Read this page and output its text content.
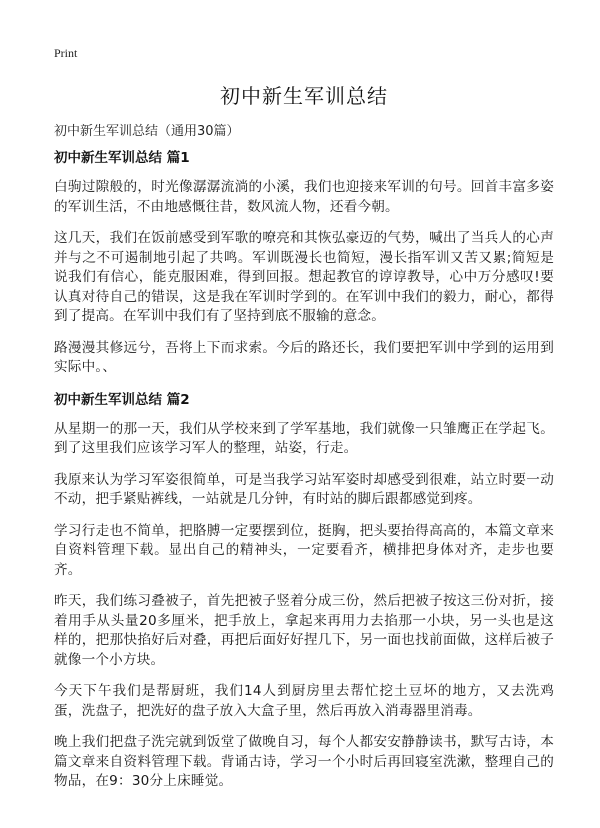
Print
初中新生军训总结
初中新生军训总结（通用30篇）
初中新生军训总结 篇1

白驹过隙般的，时光像潺潺流淌的小溪，我们也迎接来军训的句号。回首丰富多姿的军训生活，不由地感慨往昔，数风流人物，还看今朝。

这几天，我们在饭前感受到军歌的嘹亮和其恢弘豪迈的气势，喊出了当兵人的心声并与之不可遏制地引起了共鸣。军训既漫长也简短，漫长指军训又苦又累;简短是说我们有信心，能克服困难，得到回报。想起教官的谆谆教导，心中万分感叹!要认真对待自己的错误，这是我在军训时学到的。在军训中我们的毅力，耐心，都得到了提高。在军训中我们有了坚持到底不服输的意念。

路漫漫其修远兮，吾将上下而求索。今后的路还长，我们要把军训中学到的运用到实际中。、

初中新生军训总结 篇2

从星期一的那一天，我们从学校来到了学军基地，我们就像一只雏鹰正在学起飞。到了这里我们应该学习军人的整理，站姿，行走。

我原来认为学习军姿很简单，可是当我学习站军姿时却感受到很难，站立时要一动不动，把手紧贴裤线，一站就是几分钟，有时站的脚后跟都感觉到疼。

学习行走也不简单，把胳膊一定要摆到位，挺胸，把头要抬得高高的，本篇文章来自资料管理下载。显出自己的精神头，一定要看齐，横排把身体对齐，走步也要齐。

昨天，我们练习叠被子，首先把被子竖着分成三份，然后把被子按这三份对折，接着用手从头量20多厘米，把手放上，拿起来再用力去掐那一小块，另一头也是这样的，把那快掐好后对叠，再把后面好好捏几下，另一面也找前面做，这样后被子就像一个小方块。

今天下午我们是帮厨班，我们14人到厨房里去帮忙挖土豆坏的地方，又去洗鸡蛋，洗盘子，把洗好的盘子放入大盒子里，然后再放入消毒器里消毒。

晚上我们把盘子洗完就到饭堂了做晚自习，每个人都安安静静读书，默写古诗，本篇文章来自资料管理下载。背诵古诗，学习一个小时后再回寝室洗漱，整理自己的物品，在9：30分上床睡觉。
